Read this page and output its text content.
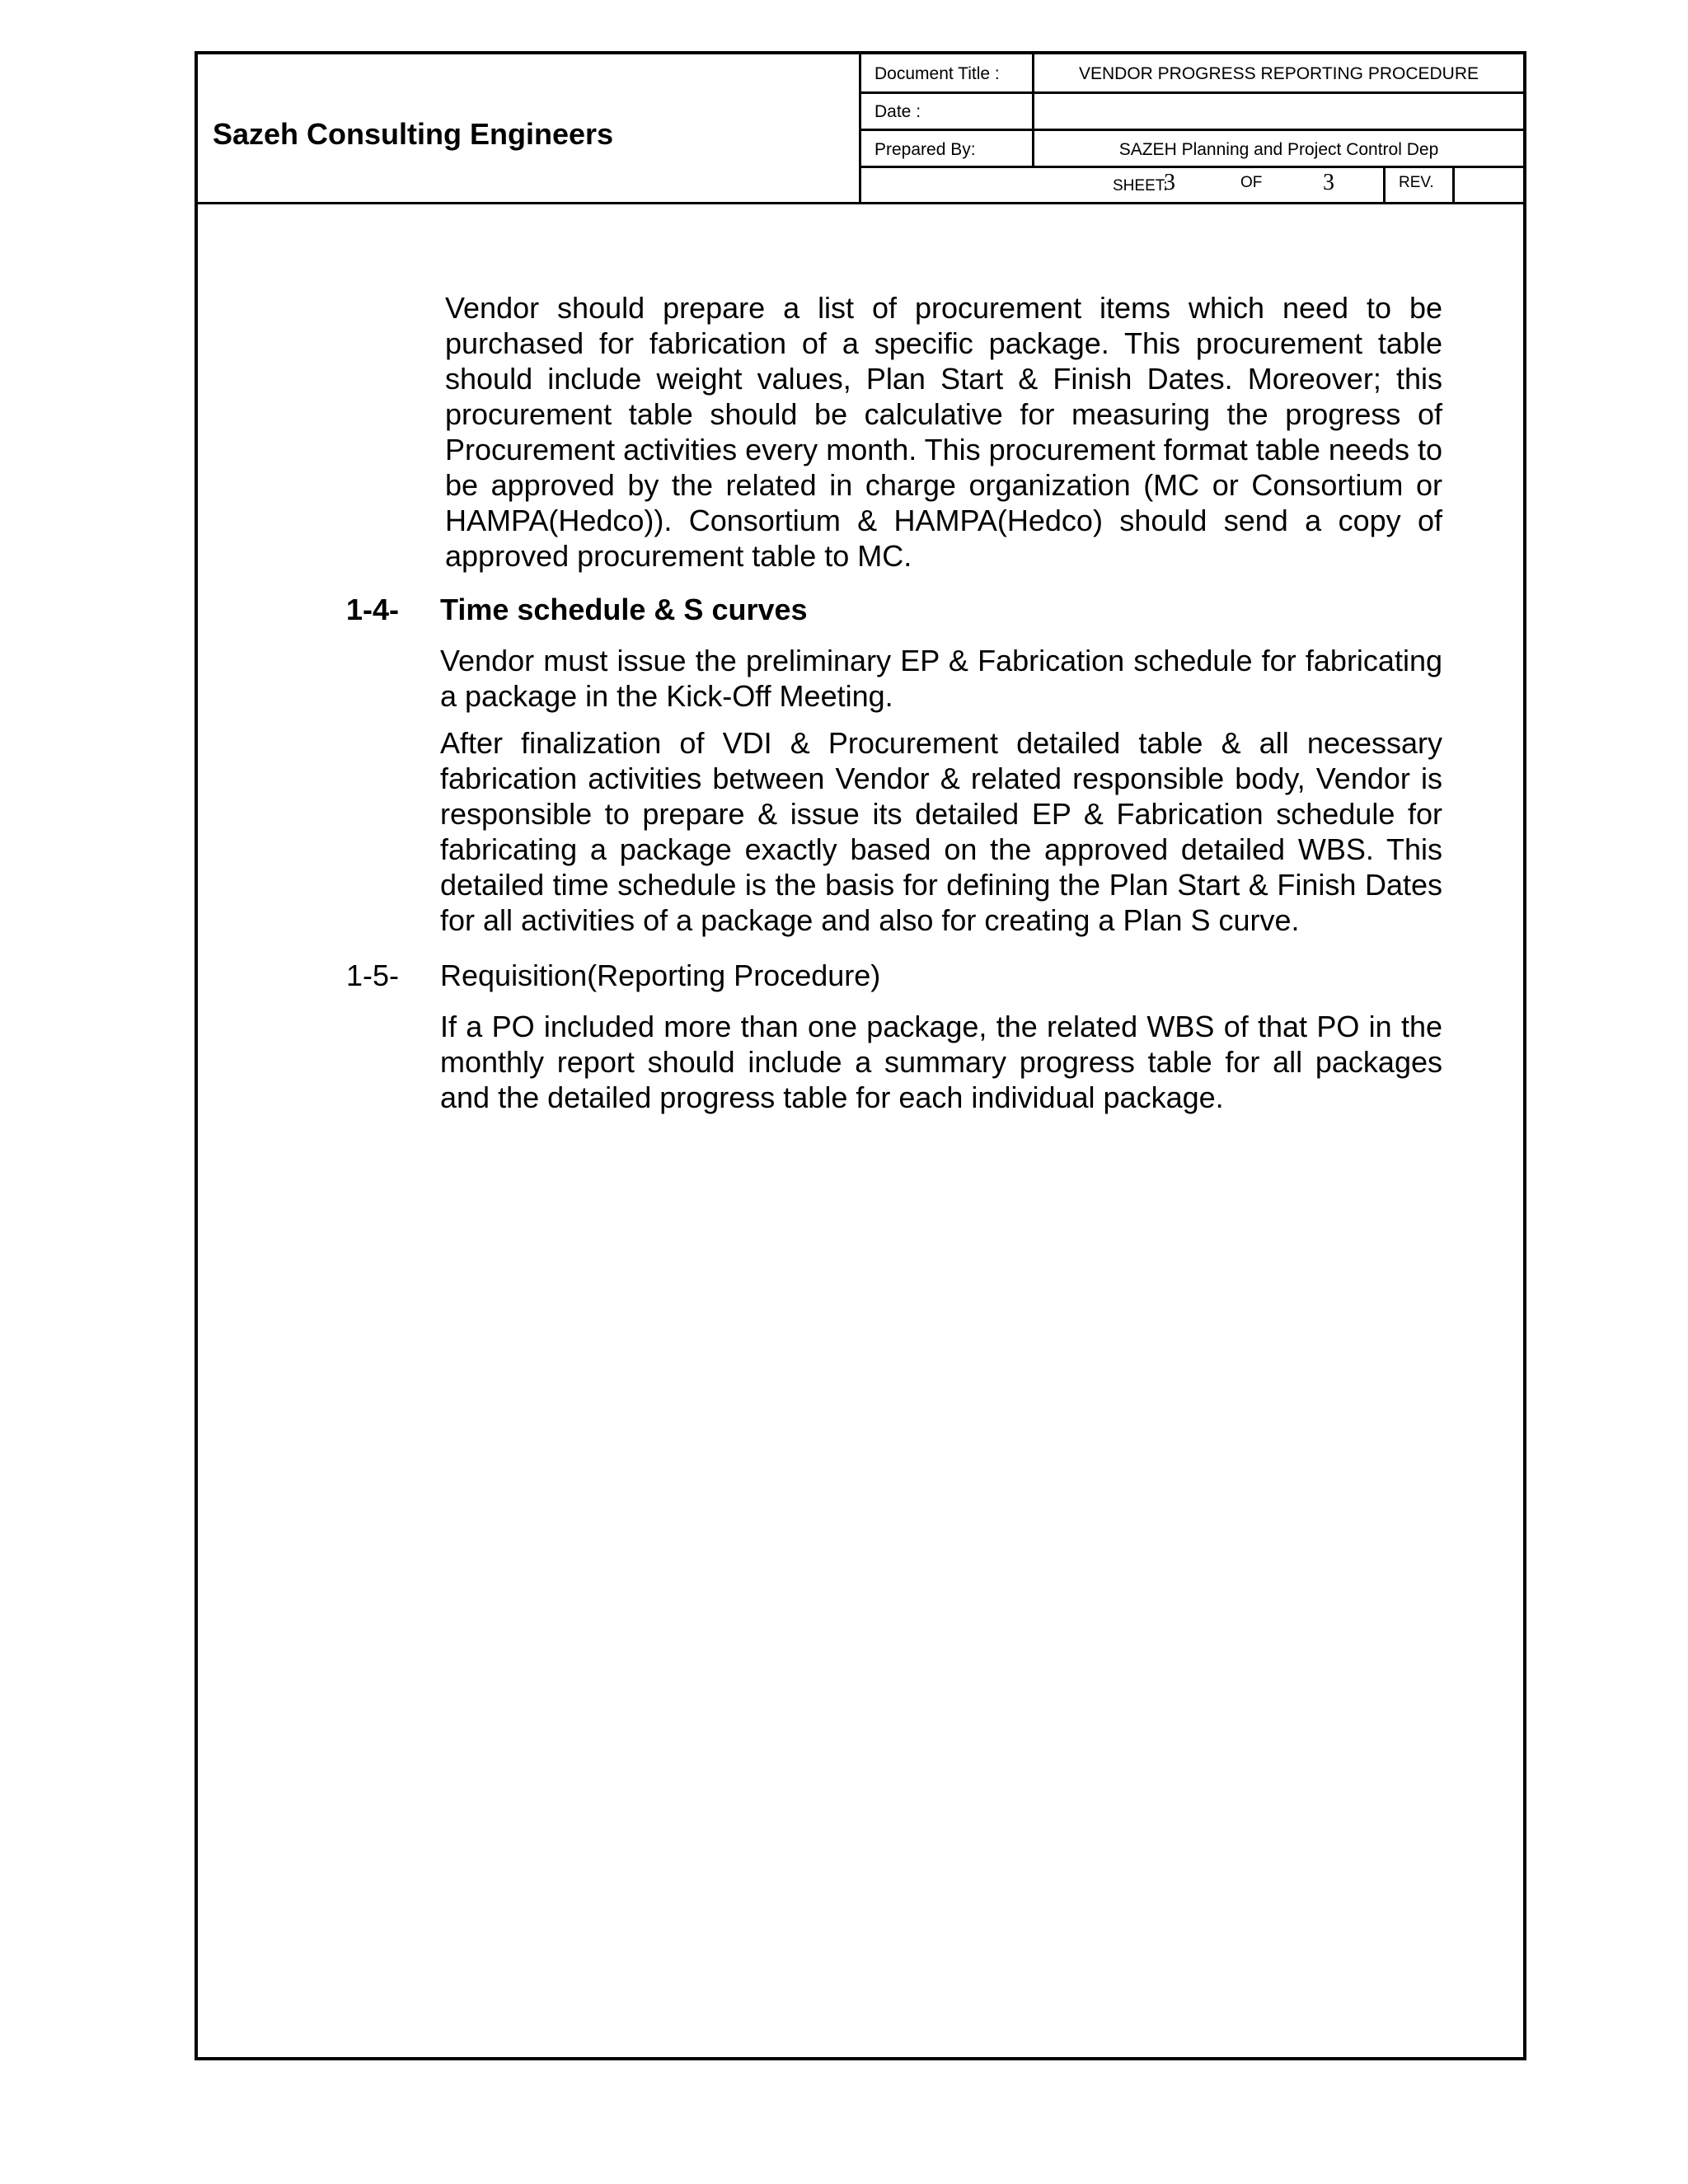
Sazeh Consulting Engineers
Document Title :	VENDOR PROGRESS REPORTING PROCEDURE
Date :
Prepared By:	SAZEH Planning and Project Control Dep
SHEET:
3	OF	3	REV.
Vendor should prepare a list of procurement items which need to be purchased for fabrication of a specific package. This procurement table should include weight values, Plan Start & Finish Dates. Moreover; this procurement table should be calculative for measuring the progress of Procurement activities every month. This procurement format table needs to be approved by the related in charge organization (MC or Consortium or HAMPA(Hedco)). Consortium & HAMPA(Hedco) should send a copy of approved procurement table to MC.
1-4- Time schedule & S curves
Vendor must issue the preliminary EP & Fabrication schedule for fabricating a package in the Kick-Off Meeting.
After finalization of VDI & Procurement detailed table & all necessary fabrication activities between Vendor & related responsible body, Vendor is responsible to prepare & issue its detailed EP & Fabrication schedule for fabricating a package exactly based on the approved detailed WBS. This detailed time schedule is the basis for defining the Plan Start & Finish Dates for all activities of a package and also for creating a Plan S curve.
1-5- Requisition(Reporting Procedure)
If a PO included more than one package, the related WBS of that PO in the monthly report should include a summary progress table for all packages and the detailed progress table for each individual package.
